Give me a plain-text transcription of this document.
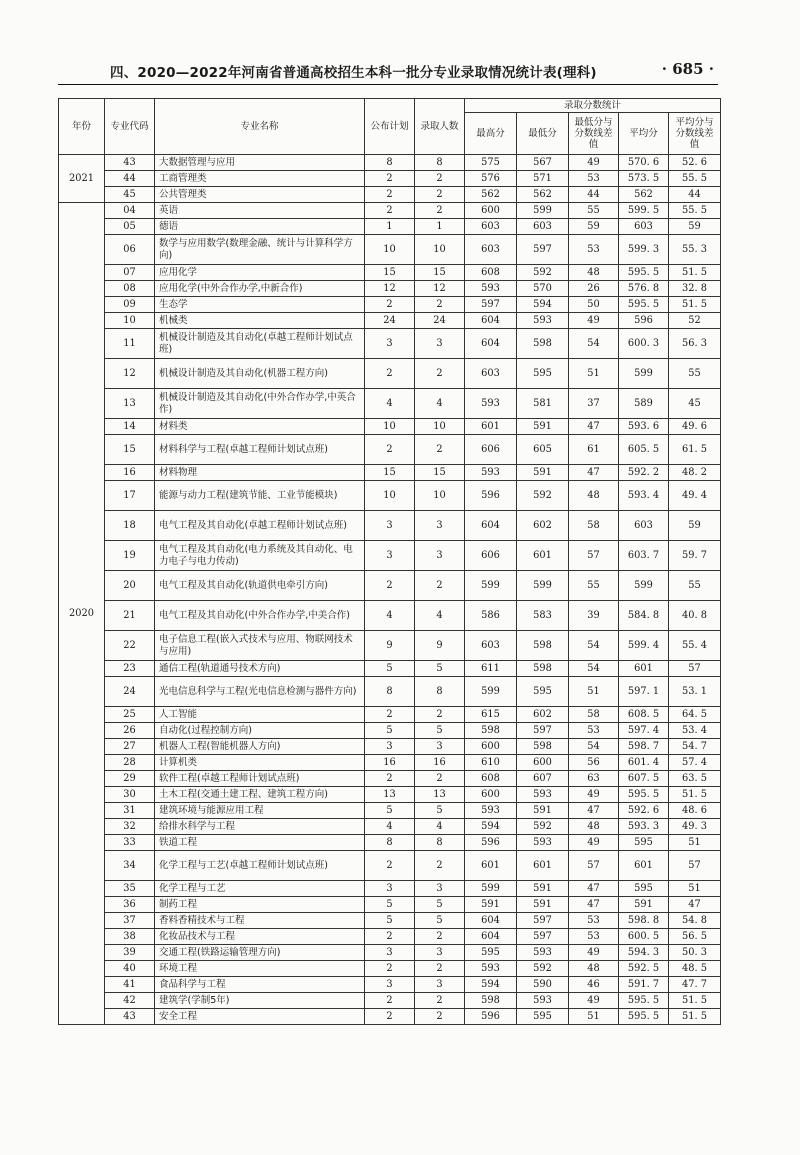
四、2020—2022年河南省普通高校招生本科一批分专业录取情况统计表(理科)	· 685 ·
年份	专业代码	专业名称	公布计划	录取人数	录取分数统计				
					最高分	最低分	最低分与分数线差值	平均分	平均分与分数线差值
2021	43	大数据管理与应用	8	8	575	567	49	570. 6	52. 6
	44	工商管理类	2	2	576	571	53	573. 5	55. 5
	45	公共管理类	2	2	562	562	44	562	44
2020	04	英语	2	2	600	599	55	599. 5	55. 5
	05	德语	1	1	603	603	59	603	59
	06	数学与应用数学(数理金融、统计与计算科学方向)	10	10	603	597	53	599. 3	55. 3
	07	应用化学	15	15	608	592	48	595. 5	51. 5
	08	应用化学(中外合作办学,中新合作)	12	12	593	570	26	576. 8	32. 8
	09	生态学	2	2	597	594	50	595. 5	51. 5
	10	机械类	24	24	604	593	49	596	52
	11	机械设计制造及其自动化(卓越工程师计划试点班)	3	3	604	598	54	600. 3	56. 3
	12	机械设计制造及其自动化(机器工程方向)	2	2	603	595	51	599	55
	13	机械设计制造及其自动化(中外合作办学,中英合作)	4	4	593	581	37	589	45
	14	材料类	10	10	601	591	47	593. 6	49. 6
	15	材料科学与工程(卓越工程师计划试点班)	2	2	606	605	61	605. 5	61. 5
	16	材料物理	15	15	593	591	47	592. 2	48. 2
	17	能源与动力工程(建筑节能、工业节能模块)	10	10	596	592	48	593. 4	49. 4
	18	电气工程及其自动化(卓越工程师计划试点班)	3	3	604	602	58	603	59
	19	电气工程及其自动化(电力系统及其自动化、电力电子与电力传动)	3	3	606	601	57	603. 7	59. 7
	20	电气工程及其自动化(轨道供电牵引方向)	2	2	599	599	55	599	55
	21	电气工程及其自动化(中外合作办学,中美合作)	4	4	586	583	39	584. 8	40. 8
	22	电子信息工程(嵌入式技术与应用、物联网技术与应用)	9	9	603	598	54	599. 4	55. 4
	23	通信工程(轨道通号技术方向)	5	5	611	598	54	601	57
	24	光电信息科学与工程(光电信息检测与器件方向)	8	8	599	595	51	597. 1	53. 1
	25	人工智能	2	2	615	602	58	608. 5	64. 5
	26	自动化(过程控制方向)	5	5	598	597	53	597. 4	53. 4
	27	机器人工程(智能机器人方向)	3	3	600	598	54	598. 7	54. 7
	28	计算机类	16	16	610	600	56	601. 4	57. 4
	29	软件工程(卓越工程师计划试点班)	2	2	608	607	63	607. 5	63. 5
	30	土木工程(交通土建工程、建筑工程方向)	13	13	600	593	49	595. 5	51. 5
	31	建筑环境与能源应用工程	5	5	593	591	47	592. 6	48. 6
	32	给排水科学与工程	4	4	594	592	48	593. 3	49. 3
	33	铁道工程	8	8	596	593	49	595	51
	34	化学工程与工艺(卓越工程师计划试点班)	2	2	601	601	57	601	57
	35	化学工程与工艺	3	3	599	591	47	595	51
	36	制药工程	5	5	591	591	47	591	47
	37	香料香精技术与工程	5	5	604	597	53	598. 8	54. 8
	38	化妆品技术与工程	2	2	604	597	53	600. 5	56. 5
	39	交通工程(铁路运输管理方向)	3	3	595	593	49	594. 3	50. 3
	40	环境工程	2	2	593	592	48	592. 5	48. 5
	41	食品科学与工程	3	3	594	590	46	591. 7	47. 7
	42	建筑学(学制5年)	2	2	598	593	49	595. 5	51. 5
	43	安全工程	2	2	596	595	51	595. 5	51. 5
